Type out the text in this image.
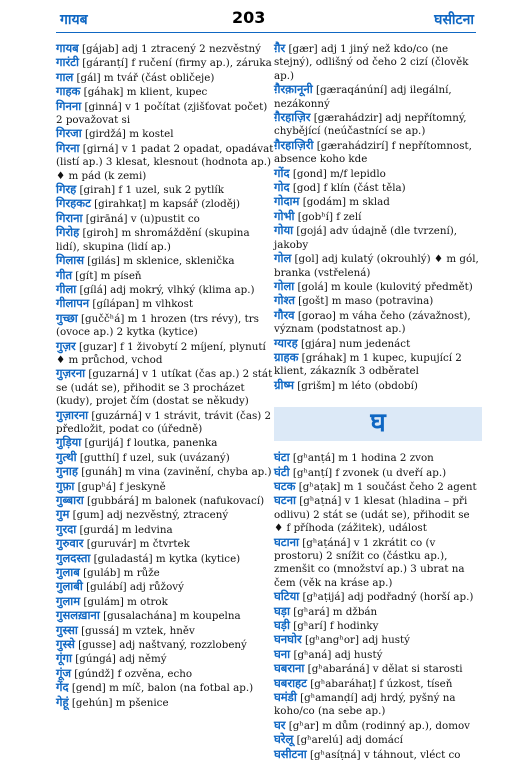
गायब	203	घसीटना
गायब [gájab] adj 1 ztracený 2 nezvěstný
गारंटी [gáranṭí] f ručení (firmy ap.), záruka
गाल [gál] m tvář (část obličeje)
गाहक [gáhak] m klient, kupec
गिनना [ginná] v 1 počítat (zjišťovat počet) 2 považovat si
गिरजा [girdžá] m kostel
गिरना [girná] v 1 padat 2 opadat, opadávat (listí ap.) 3 klesat, klesnout (hodnota ap.) ♦ m pád (k zemi)
गिरह [girah] f 1 uzel, suk 2 pytlík
गिरहकट [girahkaṭ] m kapsář (zloděj)
गिराना [girāná] v (u)pustit co
गिरोह [giroh] m shromáždění (skupina lidí), skupina (lidí ap.)
गिलास [gilás] m sklenice, sklenička
गीत [gít] m píseň
गीला [gílá] adj mokrý, vlhký (klima ap.)
गीलापन [gílápan] m vlhkost
गुच्छा [guččʰá] m 1 hrozen (trs révy), trs (ovoce ap.) 2 kytka (kytice)
गुज़र [guzar] f 1 živobytí 2 míjení, plynutí ♦ m průchod, vchod
गुज़रना [guzarná] v 1 utíkat (čas ap.) 2 stát se (udát se), přihodit se 3 procházet (kudy), projet čím (dostat se někudy)
गुज़ारना [guzárná] v 1 strávit, trávit (čas) 2 předložit, podat co (úředně)
गुड़िया [gurijá] f loutka, panenka
गुत्थी [gutthí] f uzel, suk (uvázaný)
गुनाह [gunáh] m vina (zavinění, chyba ap.)
गुफ़ा [gupʰá] f jeskyně
गुब्बारा [gubbárá] m balonek (nafukovací)
गुम [gum] adj nezvěstný, ztracený
गुरदा [gurdá] m ledvina
गुरुवार [guruvár] m čtvrtek
गुलदस्ता [guladastá] m kytka (kytice)
गुलाब [guláb] m růže
गुलाबी [gulábí] adj růžový
गुलाम [gulám] m otrok
गुसलख़ाना [gusalachána] m koupelna
गुस्सा [gussá] m vztek, hněv
गुस्से [gusse] adj naštvaný, rozzlobený
गूंगा [gúngá] adj němý
गूंज [gúndž] f ozvěna, echo
गेंद [gend] m míč, balon (na fotbal ap.)
गेहूं [gehún] m pšenice
ग़ैर [gær] adj 1 jiný než kdo/co (ne stejný), odlišný od čeho 2 cizí (člověk ap.)
ग़ैरक़ानूनी [gæraqánúní] adj ilegální, nezákonný
ग़ैरहाज़िर [gærahádzir] adj nepřítomný, chybějící (neúčastnící se ap.)
ग़ैरहाज़िरी [gærahádzirí] f nepřítomnost, absence koho kde
गोंद [gond] m/f lepidlo
गोद [god] f klín (část těla)
गोदाम [godám] m sklad
गोभी [gobʰí] f zelí
गोया [gojá] adv údajně (dle tvrzení), jakoby
गोल [gol] adj kulatý (okrouhlý) ♦ m gól, branka (vstřelená)
गोला [golá] m koule (kulovitý předmět)
गोश्त [gošt] m maso (potravina)
गौरव [gorao] m váha čeho (závažnost), význam (podstatnost ap.)
ग्यारह [gjára] num jedenáct
ग्राहक [gráhak] m 1 kupec, kupující 2 klient, zákazník 3 odběratel
ग्रीष्म [grišm] m léto (období)
घ
घंटा [gʰanṭá] m 1 hodina 2 zvon
घंटी [gʰanṭí] f zvonek (u dveří ap.)
घटक [gʰaṭak] m 1 součást čeho 2 agent
घटना [gʰaṭná] v 1 klesat (hladina – při odlivu) 2 stát se (udát se), přihodit se ♦ f příhoda (zážitek), událost
घटाना [gʰaṭáná] v 1 zkrátit co (v prostoru) 2 snížit co (částku ap.), zmenšit co (množství ap.) 3 ubrat na čem (věk na kráse ap.)
घटिया [gʰaṭijá] adj podřadný (horší ap.)
घड़ा [gʰará] m džbán
घड़ी [gʰarí] f hodinky
घनघोर [gʰangʰor] adj hustý
घना [gʰaná] adj hustý
घबराना [gʰabaráná] v dělat si starosti
घबराहट [gʰabaráhaṭ] f úzkost, tíseň
घमंडी [gʰamanḍí] adj hrdý, pyšný na koho/co (na sebe ap.)
घर [gʰar] m dům (rodinný ap.), domov
घरेलू [gʰarelú] adj domácí
घसीटना [gʰasíṭná] v táhnout, vléct co
